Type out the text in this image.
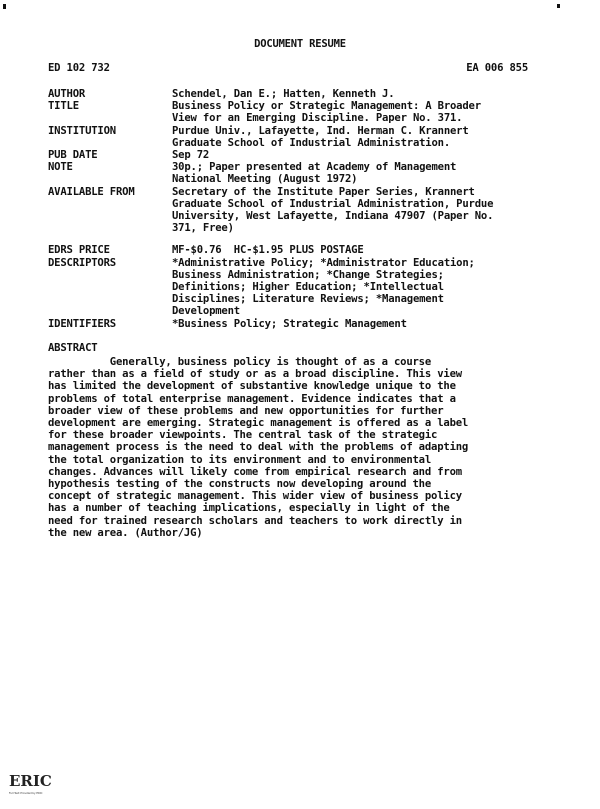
DOCUMENT RESUME
ED 102 732	EA 006 855
AUTHOR	Schendel, Dan E.; Hatten, Kenneth J.
TITLE	Business Policy or Strategic Management: A Broader
View for an Emerging Discipline. Paper No. 371.
INSTITUTION	Purdue Univ., Lafayette, Ind. Herman C. Krannert
Graduate School of Industrial Administration.
PUB DATE	Sep 72
NOTE	30p.; Paper presented at Academy of Management
National Meeting (August 1972)
AVAILABLE FROM	Secretary of the Institute Paper Series, Krannert
Graduate School of Industrial Administration, Purdue
University, West Lafayette, Indiana 47907 (Paper No.
371, Free)
EDRS PRICE	MF-$0.76  HC-$1.95 PLUS POSTAGE
DESCRIPTORS	*Administrative Policy; *Administrator Education;
Business Administration; *Change Strategies;
Definitions; Higher Education; *Intellectual
Disciplines; Literature Reviews; *Management
Development
IDENTIFIERS	*Business Policy; Strategic Management
ABSTRACT
Generally, business policy is thought of as a course
rather than as a field of study or as a broad discipline. This view
has limited the development of substantive knowledge unique to the
problems of total enterprise management. Evidence indicates that a
broader view of these problems and new opportunities for further
development are emerging. Strategic management is offered as a label
for these broader viewpoints. The central task of the strategic
management process is the need to deal with the problems of adapting
the total organization to its environment and to environmental
changes. Advances will likely come from empirical research and from
hypothesis testing of the constructs now developing around the
concept of strategic management. This wider view of business policy
has a number of teaching implications, especially in light of the
need for trained research scholars and teachers to work directly in
the new area. (Author/JG)
ERIC
Full Text Provided by ERIC
